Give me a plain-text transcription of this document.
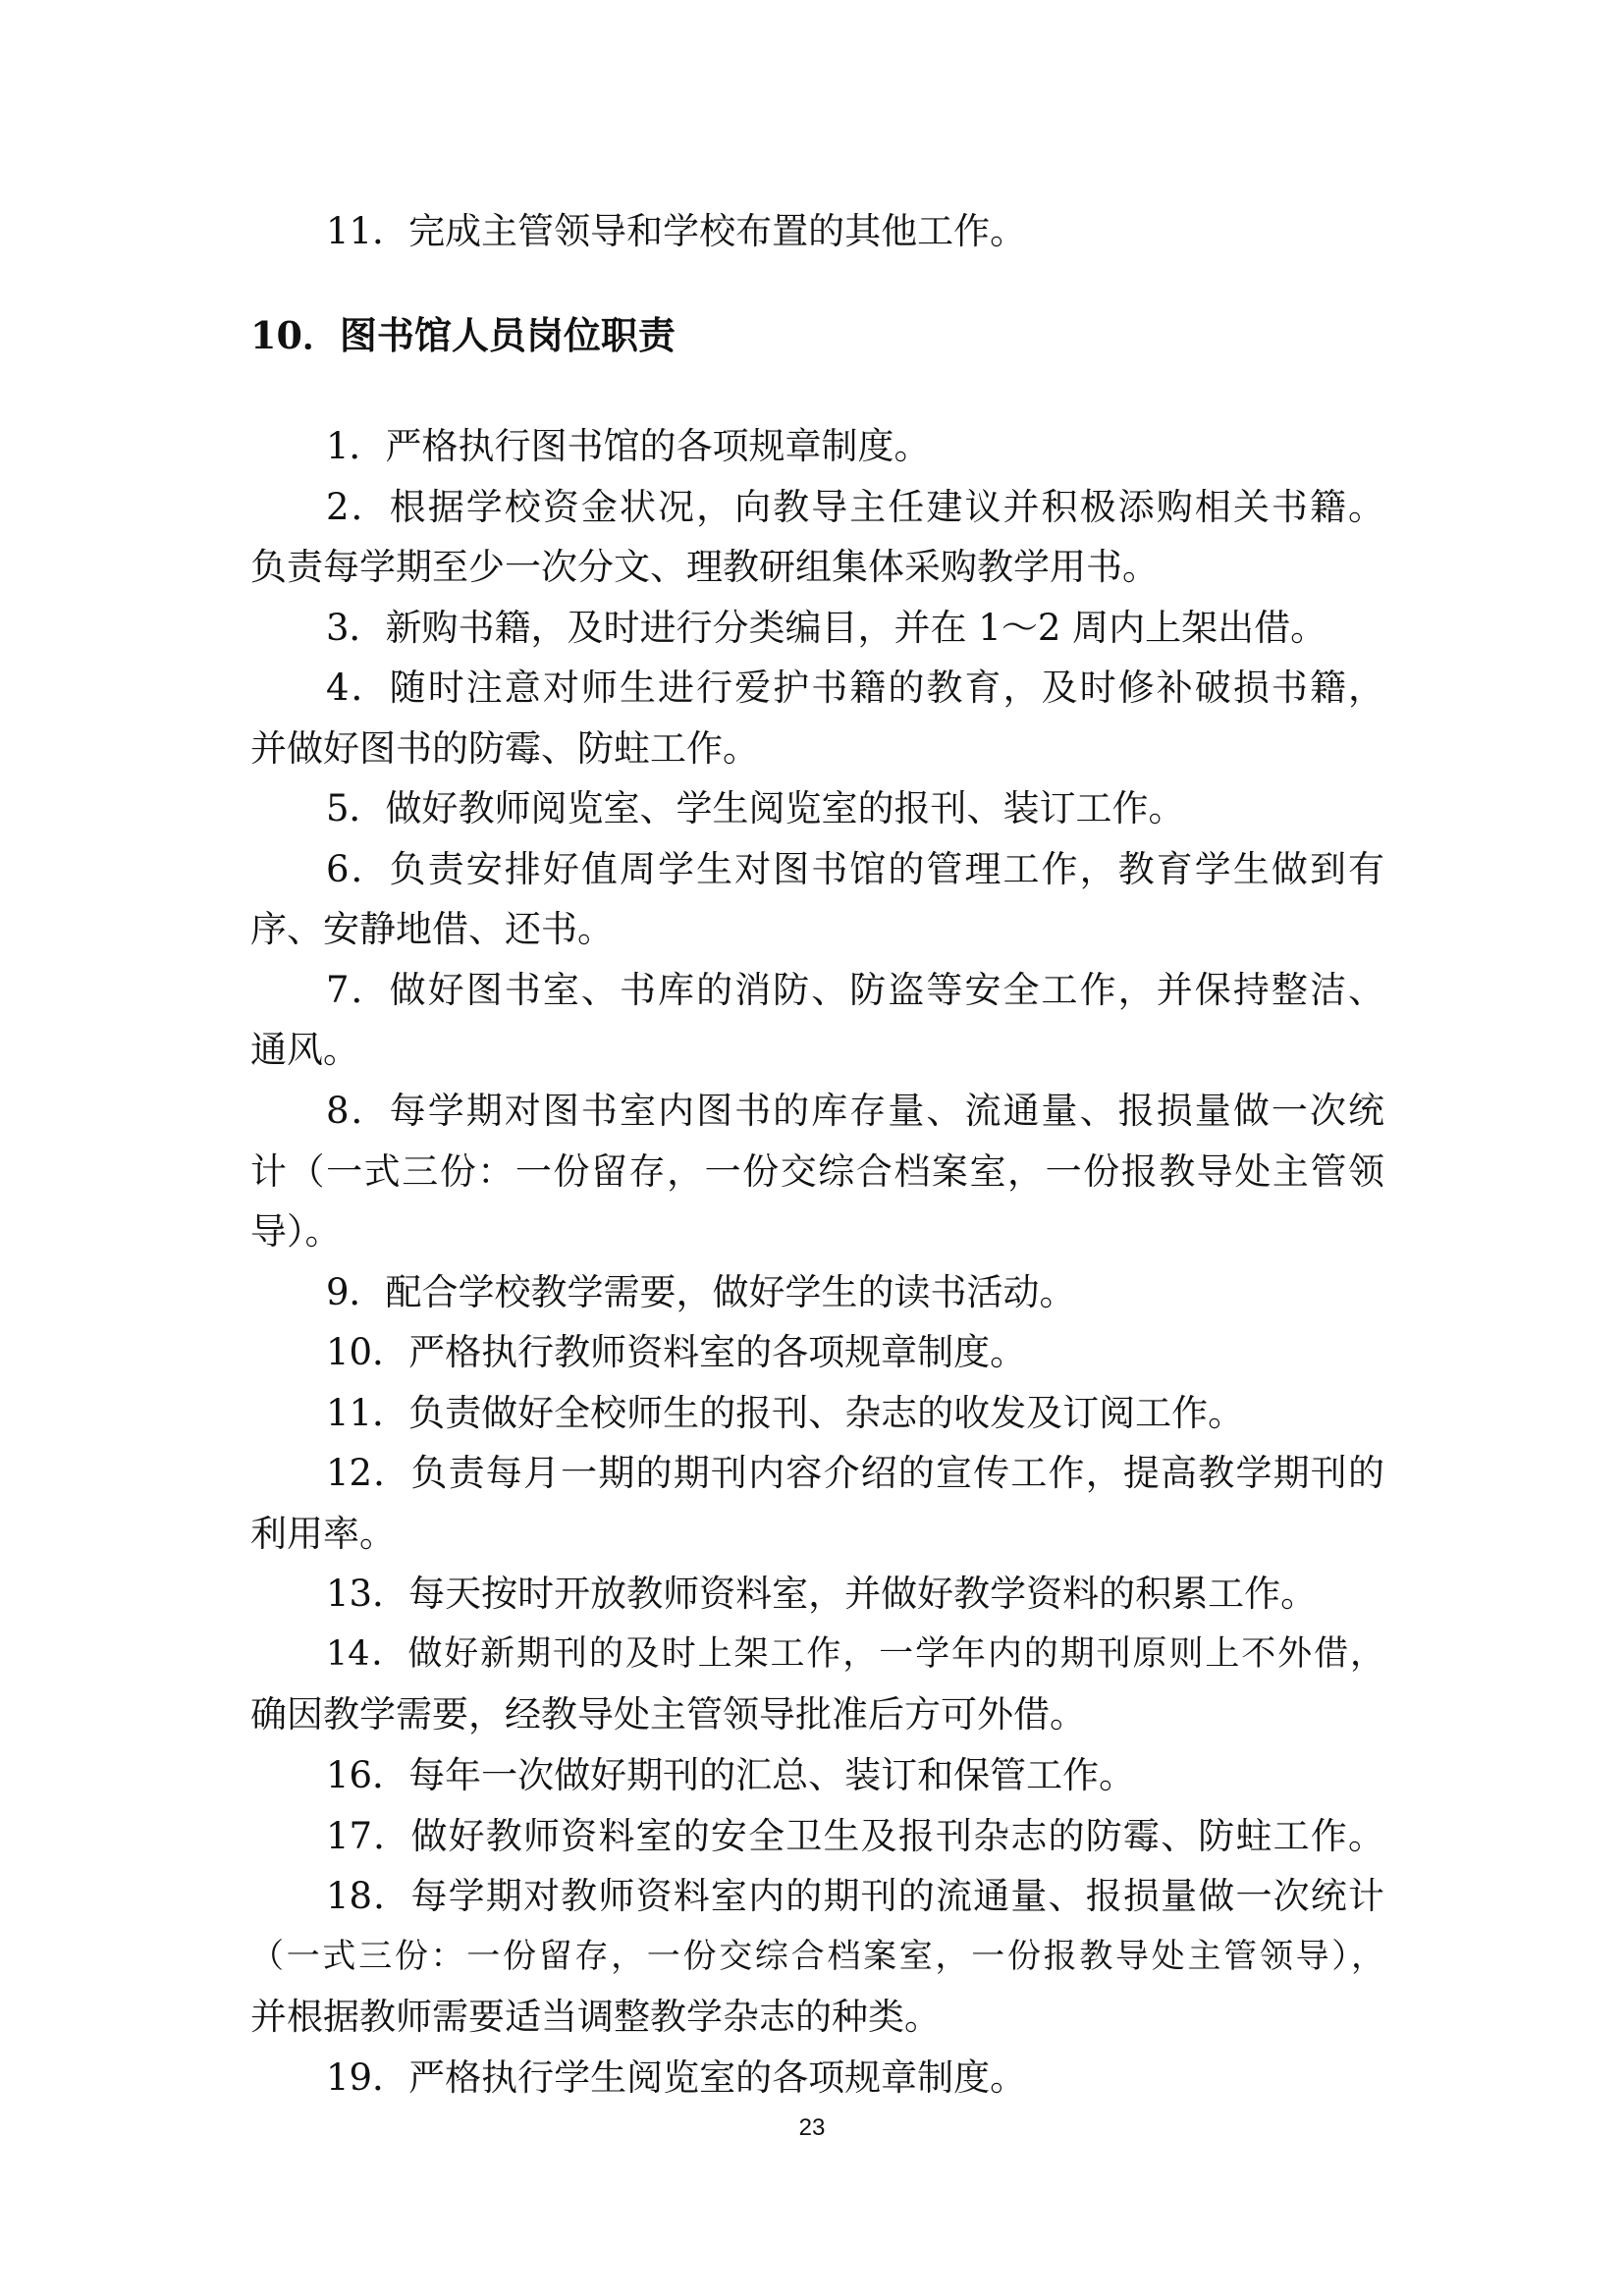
11．完成主管领导和学校布置的其他工作。
10．图书馆人员岗位职责
1．严格执行图书馆的各项规章制度。
2．根据学校资金状况，向教导主任建议并积极添购相关书籍。
负责每学期至少一次分文、理教研组集体采购教学用书。
3．新购书籍，及时进行分类编目，并在 1～2 周内上架出借。
4．随时注意对师生进行爱护书籍的教育，及时修补破损书籍，
并做好图书的防霉、防蛀工作。
5．做好教师阅览室、学生阅览室的报刊、装订工作。
6．负责安排好值周学生对图书馆的管理工作，教育学生做到有
序、安静地借、还书。
7．做好图书室、书库的消防、防盗等安全工作，并保持整洁、
通风。
8．每学期对图书室内图书的库存量、流通量、报损量做一次统
计（一式三份：一份留存，一份交综合档案室，一份报教导处主管领
导）。
9．配合学校教学需要，做好学生的读书活动。
10．严格执行教师资料室的各项规章制度。
11．负责做好全校师生的报刊、杂志的收发及订阅工作。
12．负责每月一期的期刊内容介绍的宣传工作，提高教学期刊的
利用率。
13．每天按时开放教师资料室，并做好教学资料的积累工作。
14．做好新期刊的及时上架工作，一学年内的期刊原则上不外借，
确因教学需要，经教导处主管领导批准后方可外借。
16．每年一次做好期刊的汇总、装订和保管工作。
17．做好教师资料室的安全卫生及报刊杂志的防霉、防蛀工作。
18．每学期对教师资料室内的期刊的流通量、报损量做一次统计
（一式三份：一份留存，一份交综合档案室，一份报教导处主管领导），
并根据教师需要适当调整教学杂志的种类。
19．严格执行学生阅览室的各项规章制度。
23
